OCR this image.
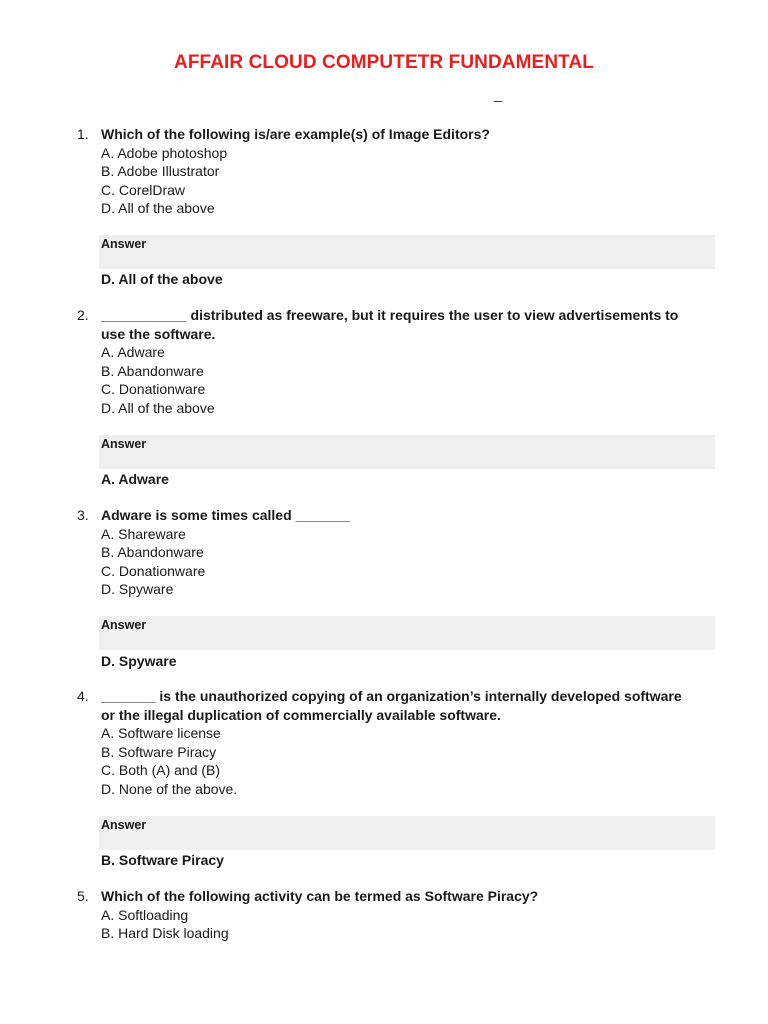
AFFAIR CLOUD COMPUTETR FUNDAMENTAL
_
1. Which of the following is/are example(s) of Image Editors?
A. Adobe photoshop
B. Adobe Illustrator
C. CorelDraw
D. All of the above
Answer
D. All of the above
2. ___________ distributed as freeware, but it requires the user to view advertisements to
use the software.
A. Adware
B. Abandonware
C. Donationware
D. All of the above
Answer
A. Adware
3. Adware is some times called _______
A. Shareware
B. Abandonware
C. Donationware
D. Spyware
Answer
D. Spyware
4. _______ is the unauthorized copying of an organization’s internally developed software
or the illegal duplication of commercially available software.
A. Software license
B. Software Piracy
C. Both (A) and (B)
D. None of the above.
Answer
B. Software Piracy
5. Which of the following activity can be termed as Software Piracy?
A. Softloading
B. Hard Disk loading
